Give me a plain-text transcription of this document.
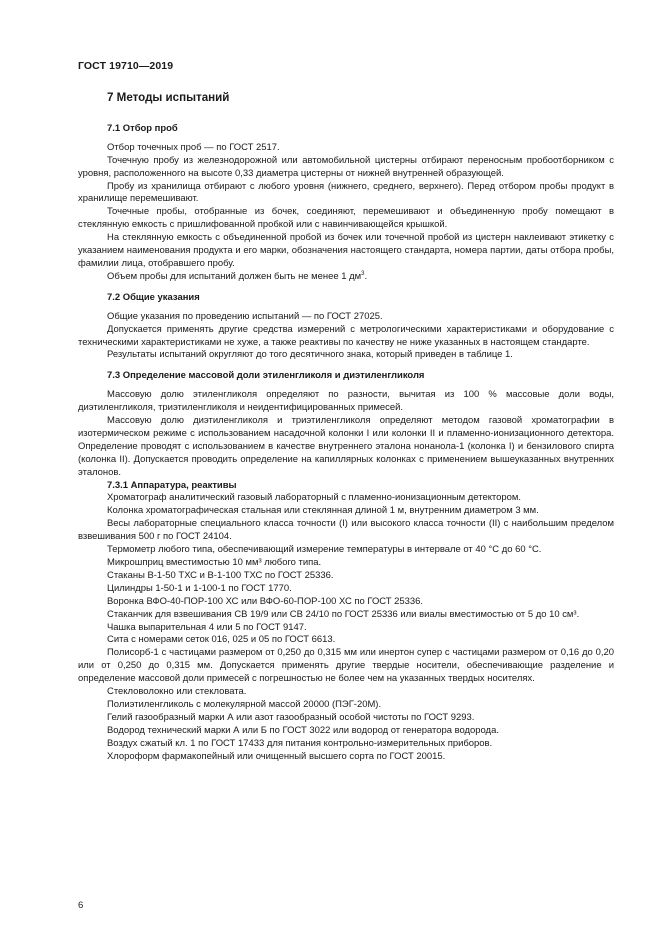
ГОСТ 19710—2019

7 Методы испытаний

7.1 Отбор проб

Отбор точечных проб — по ГОСТ 2517.

Точечную пробу из железнодорожной или автомобильной цистерны отбирают переносным пробоотборником с уровня, расположенного на высоте 0,33 диаметра цистерны от нижней внутренней образующей.

Пробу из хранилища отбирают с любого уровня (нижнего, среднего, верхнего). Перед отбором пробы продукт в хранилище перемешивают.

Точечные пробы, отобранные из бочек, соединяют, перемешивают и объединенную пробу помещают в стеклянную емкость с пришлифованной пробкой или с навинчивающейся крышкой.

На стеклянную емкость с объединенной пробой из бочек или точечной пробой из цистерн наклеивают этикетку с указанием наименования продукта и его марки, обозначения настоящего стандарта, номера партии, даты отбора пробы, фамилии лица, отобравшего пробу.

Объем пробы для испытаний должен быть не менее 1 $дм^3$.

7.2 Общие указания

Общие указания по проведению испытаний — по ГОСТ 27025.

Допускается применять другие средства измерений с метрологическими характеристиками и оборудование с техническими характеристиками не хуже, а также реактивы по качеству не ниже указанных в настоящем стандарте.

Результаты испытаний округляют до того десятичного знака, который приведен в таблице 1.

7.3 Определение массовой доли этиленгликоля и диэтиленгликоля

Массовую долю этиленгликоля определяют по разности, вычитая из 100 % массовые доли воды, диэтиленгликоля, триэтиленгликоля и неидентифицированных примесей.

Массовую долю диэтиленгликоля и триэтиленгликоля определяют методом газовой хроматографии в изотермическом режиме с использованием насадочной колонки I или колонки II и пламенно-ионизационного детектора. Определение проводят с использованием в качестве внутреннего эталона нонанола-1 (колонка I) и бензилового спирта (колонка II). Допускается проводить определение на капиллярных колонках с применением вышеуказанных внутренних эталонов.

7.3.1 Аппаратура, реактивы

Хроматограф аналитический газовый лабораторный с пламенно-ионизационным детектором.

Колонка хроматографическая стальная или стеклянная длиной 1 м, внутренним диаметром 3 мм.

Весы лабораторные специального класса точности (I) или высокого класса точности (II) с наибольшим пределом взвешивания 500 г по ГОСТ 24104.

Термометр любого типа, обеспечивающий измерение температуры в интервале от 40 °С до 60 °С.

Микрошприц вместимостью 10 мм³ любого типа.

Стаканы В-1-50 ТХС и В-1-100 ТХС по ГОСТ 25336.

Цилиндры 1-50-1 и 1-100-1 по ГОСТ 1770.

Воронка ВФО-40-ПОР-100 ХС или ВФО-60-ПОР-100 ХС по ГОСТ 25336.

Стаканчик для взвешивания СВ 19/9 или СВ 24/10 по ГОСТ 25336 или виалы вместимостью от 5 до 10 см³.

Чашка выпарительная 4 или 5 по ГОСТ 9147.

Сита с номерами сеток 016, 025 и 05 по ГОСТ 6613.

Полисорб-1 с частицами размером от 0,250 до 0,315 мм или инертон супер с частицами размером от 0,16 до 0,20 или от 0,250 до 0,315 мм. Допускается применять другие твердые носители, обеспечивающие разделение и определение массовой доли примесей с погрешностью не более чем на указанных твердых носителях.

Стекловолокно или стекловата.

Полиэтиленгликоль с молекулярной массой 20000 (ПЭГ-20М).

Гелий газообразный марки А или азот газообразный особой чистоты по ГОСТ 9293.

Водород технический марки А или Б по ГОСТ 3022 или водород от генератора водорода.

Воздух сжатый кл. 1 по ГОСТ 17433 для питания контрольно-измерительных приборов.

Хлороформ фармакопейный или очищенный высшего сорта по ГОСТ 20015.

6
